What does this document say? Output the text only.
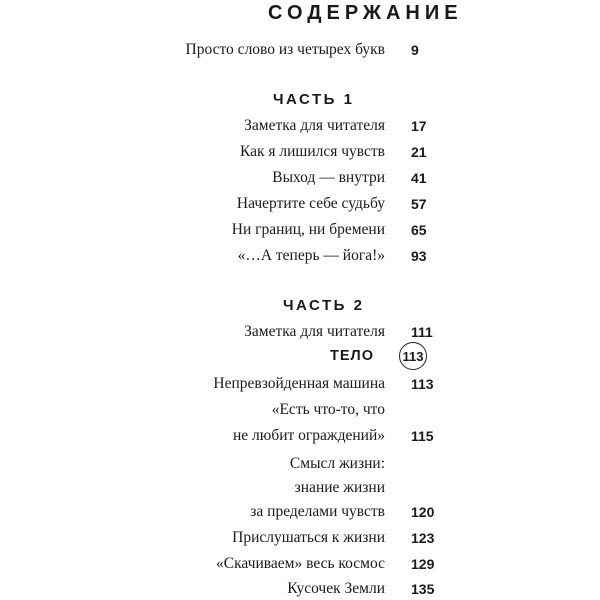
СОДЕРЖАНИЕ
Просто слово из четырех букв 9
ЧАСТЬ 1
Заметка для читателя 17
Как я лишился чувств 21
Выход — внутри 41
Начертите себе судьбу 57
Ни границ, ни бремени 65
«…А теперь — йога!» 93
ЧАСТЬ 2
Заметка для читателя 111
ТЕЛО 113
Непревзойденная машина 113
«Есть что-то, что
не любит ограждений» 115
Смысл жизни:
знание жизни
за пределами чувств 120
Прислушаться к жизни 123
«Скачиваем» весь космос 129
Кусочек Земли 135
